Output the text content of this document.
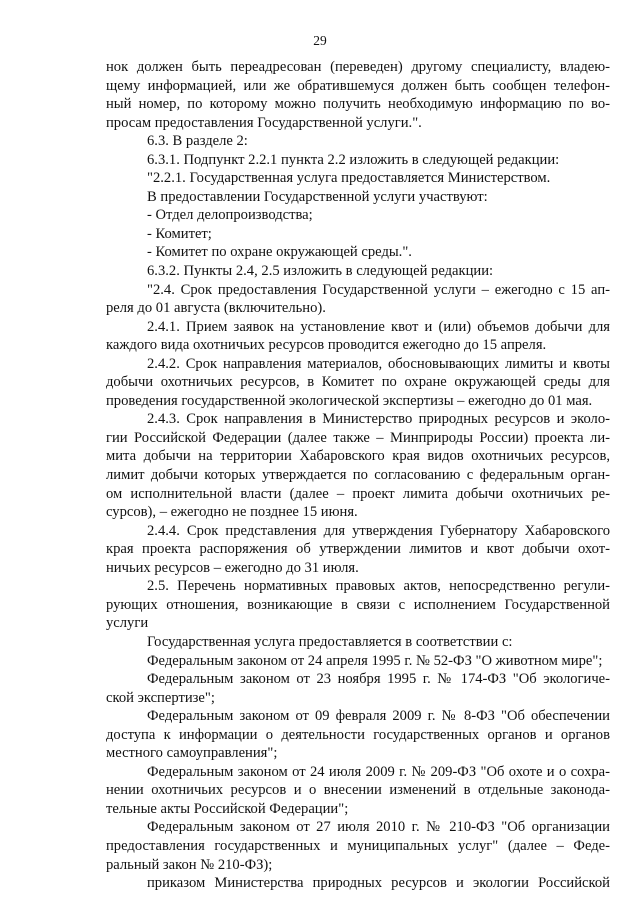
29
нок должен быть переадресован (переведен) другому специалисту, владею-
щему информацией, или же обратившемуся должен быть сообщен телефон-
ный номер, по которому можно получить необходимую информацию по во-
просам предоставления Государственной услуги.".
6.3. В разделе 2:
6.3.1. Подпункт 2.2.1 пункта 2.2 изложить в следующей редакции:
"2.2.1. Государственная услуга предоставляется Министерством.
В предоставлении Государственной услуги участвуют:
- Отдел делопроизводства;
- Комитет;
- Комитет по охране окружающей среды.".
6.3.2. Пункты 2.4, 2.5 изложить в следующей редакции:
"2.4. Срок предоставления Государственной услуги – ежегодно с 15 ап-
реля до 01 августа (включительно).
2.4.1. Прием заявок на установление квот и (или) объемов добычи для
каждого вида охотничьих ресурсов проводится ежегодно до 15 апреля.
2.4.2. Срок направления материалов, обосновывающих лимиты и квоты
добычи охотничьих ресурсов, в Комитет по охране окружающей среды для
проведения государственной экологической экспертизы – ежегодно до 01 мая.
2.4.3. Срок направления в Министерство природных ресурсов и эколо-
гии Российской Федерации (далее также – Минприроды России) проекта ли-
мита добычи на территории Хабаровского края видов охотничьих ресурсов,
лимит добычи которых утверждается по согласованию с федеральным орган-
ом исполнительной власти (далее – проект лимита добычи охотничьих ре-
сурсов), – ежегодно не позднее 15 июня.
2.4.4. Срок представления для утверждения Губернатору Хабаровского
края проекта распоряжения об утверждении лимитов и квот добычи охот-
ничьих ресурсов – ежегодно до 31 июля.
2.5. Перечень нормативных правовых актов, непосредственно регули-
рующих отношения, возникающие в связи с исполнением Государственной
услуги
Государственная услуга предоставляется в соответствии с:
Федеральным законом от 24 апреля 1995 г. № 52-ФЗ "О животном мире";
Федеральным законом от 23 ноября 1995 г. № 174-ФЗ "Об экологиче-
ской экспертизе";
Федеральным законом от 09 февраля 2009 г. № 8-ФЗ "Об обеспечении
доступа к информации о деятельности государственных органов и органов
местного самоуправления";
Федеральным законом от 24 июля 2009 г. № 209-ФЗ "Об охоте и о сохра-
нении охотничьих ресурсов и о внесении изменений в отдельные законода-
тельные акты Российской Федерации";
Федеральным законом от 27 июля 2010 г. № 210-ФЗ "Об организации
предоставления государственных и муниципальных услуг" (далее – Феде-
ральный закон № 210-ФЗ);
приказом Министерства природных ресурсов и экологии Российской
